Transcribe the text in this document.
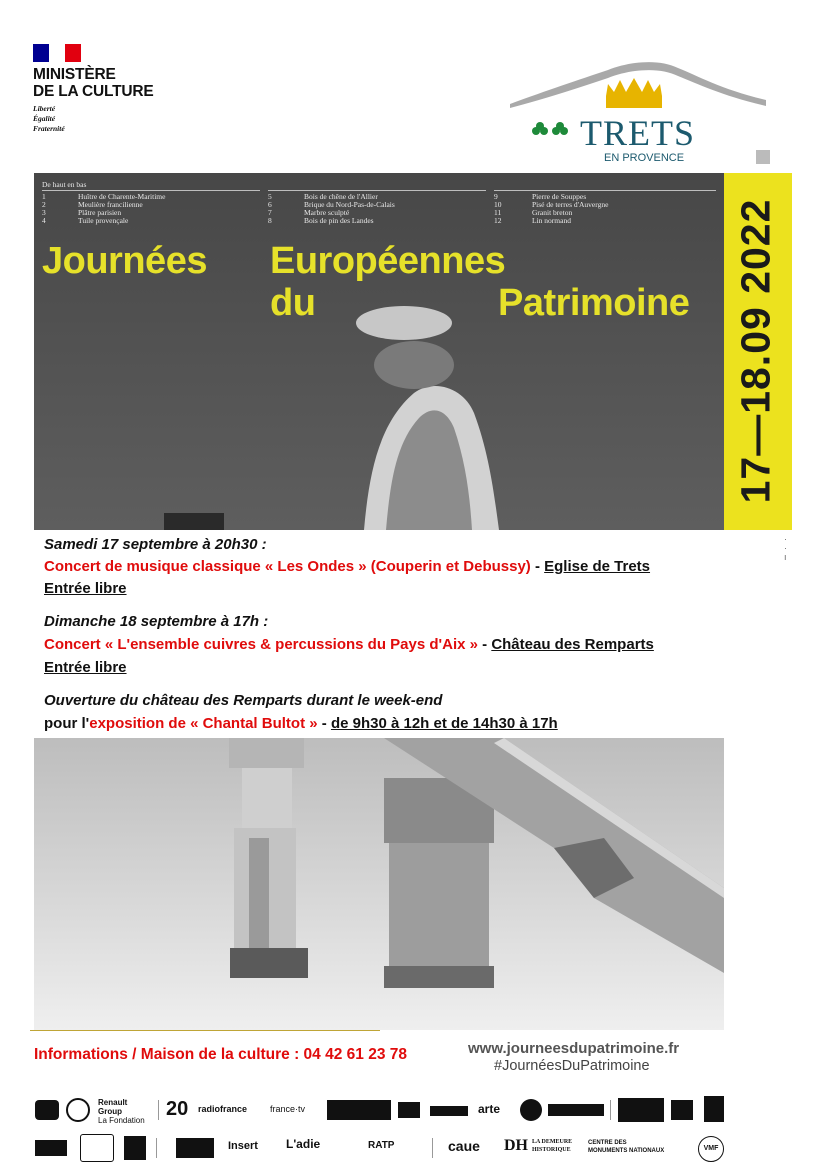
MINISTÈRE
DE LA CULTURE
Liberté
Égalité
Fraternité	TRETS
EN PROVENCE
De haut en bas
1	Huître de Charente-Maritime
2	Meulière francilienne
3	Plâtre parisien
4	Tuile provençale
5	Bois de chêne de l'Allier
6	Brique du Nord-Pas-de-Calais
7	Marbre sculpté
8	Bois de pin des Landes
9	Pierre de Souppes
10	Pisé de terres d'Auvergne
11	Granit breton
12	Lin normand
Journées Européennes
du	Patrimoine 17—18.09 2022
·
·
ı
Samedi 17 septembre à 20h30 :
Concert de musique classique « Les Ondes » (Couperin et Debussy) - Eglise de Trets
Entrée libre
Dimanche 18 septembre à 17h :
Concert « L'ensemble cuivres & percussions du Pays d'Aix » - Château des Remparts
Entrée libre
Ouverture du château des Remparts durant le week-end
pour l'exposition de « Chantal Bultot » - de 9h30 à 12h et de 14h30 à 17h
Informations / Maison de la culture : 04 42 61 23 78	www.journeesdupatrimoine.fr
#JournéesDuPatrimoine
Renault
Group
La Fondation
20 radiofrance	france·tv	arte
Insert L'adie	RATP	caue DH LA DEMEURE
HISTORIQUE
CENTRE DES
MONUMENTS NATIONAUX	VMF
